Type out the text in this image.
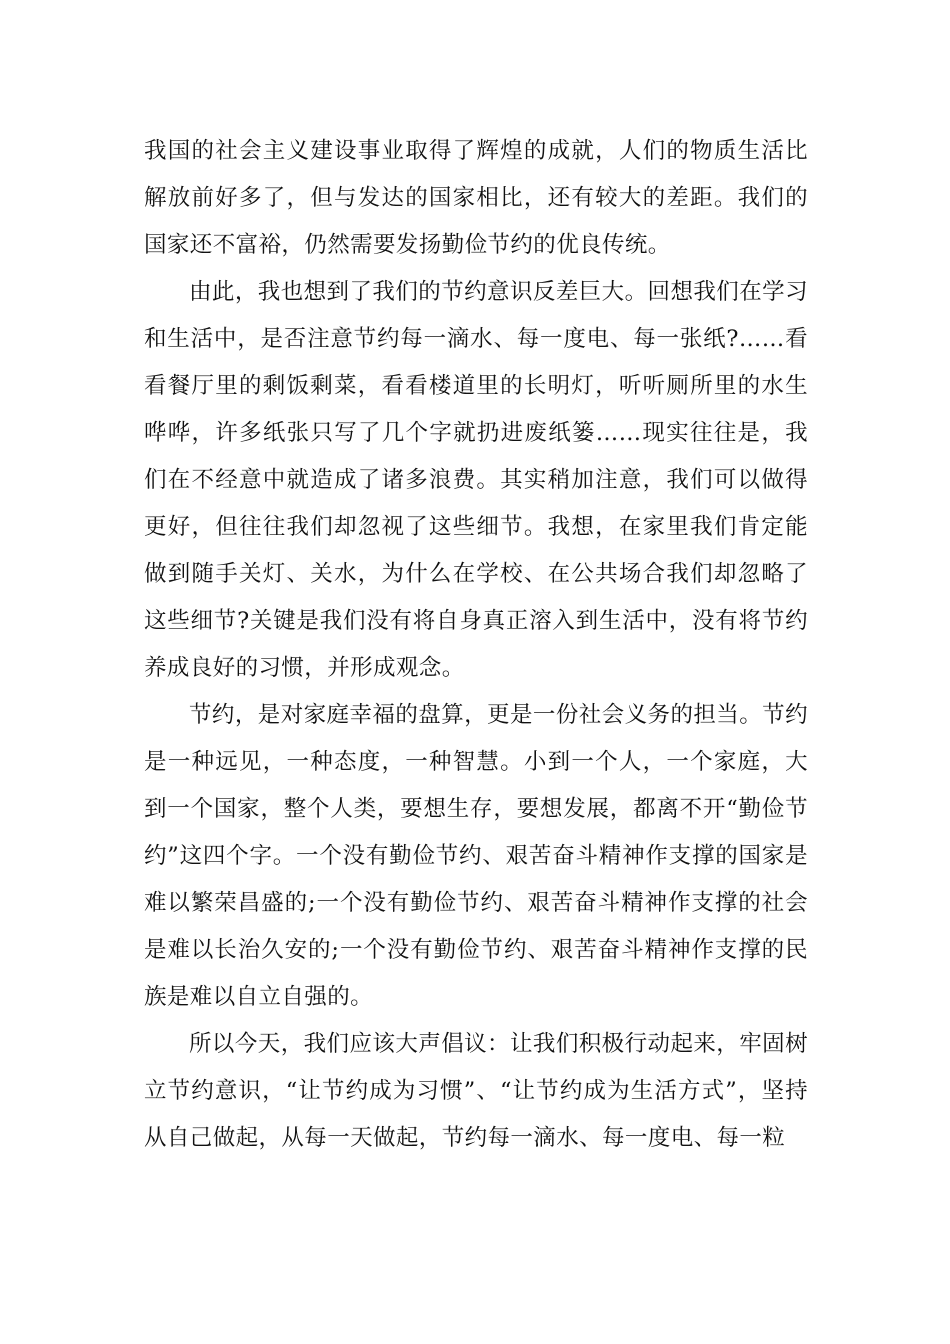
我国的社会主义建设事业取得了辉煌的成就，人们的物质生活比解放前好多了，但与发达的国家相比，还有较大的差距。我们的国家还不富裕，仍然需要发扬勤俭节约的优良传统。

由此，我也想到了我们的节约意识反差巨大。回想我们在学习和生活中，是否注意节约每一滴水、每一度电、每一张纸?……看看餐厅里的剩饭剩菜，看看楼道里的长明灯，听听厕所里的水生哗哗，许多纸张只写了几个字就扔进废纸篓……现实往往是，我们在不经意中就造成了诸多浪费。其实稍加注意，我们可以做得更好，但往往我们却忽视了这些细节。我想，在家里我们肯定能做到随手关灯、关水，为什么在学校、在公共场合我们却忽略了这些细节?关键是我们没有将自身真正溶入到生活中，没有将节约养成良好的习惯，并形成观念。

节约，是对家庭幸福的盘算，更是一份社会义务的担当。节约是一种远见，一种态度，一种智慧。小到一个人，一个家庭，大到一个国家，整个人类，要想生存，要想发展，都离不开“勤俭节约”这四个字。一个没有勤俭节约、艰苦奋斗精神作支撑的国家是难以繁荣昌盛的;一个没有勤俭节约、艰苦奋斗精神作支撑的社会是难以长治久安的;一个没有勤俭节约、艰苦奋斗精神作支撑的民族是难以自立自强的。

所以今天，我们应该大声倡议：让我们积极行动起来，牢固树立节约意识，“让节约成为习惯”、“让节约成为生活方式”，坚持从自己做起，从每一天做起，节约每一滴水、每一度电、每一粒
